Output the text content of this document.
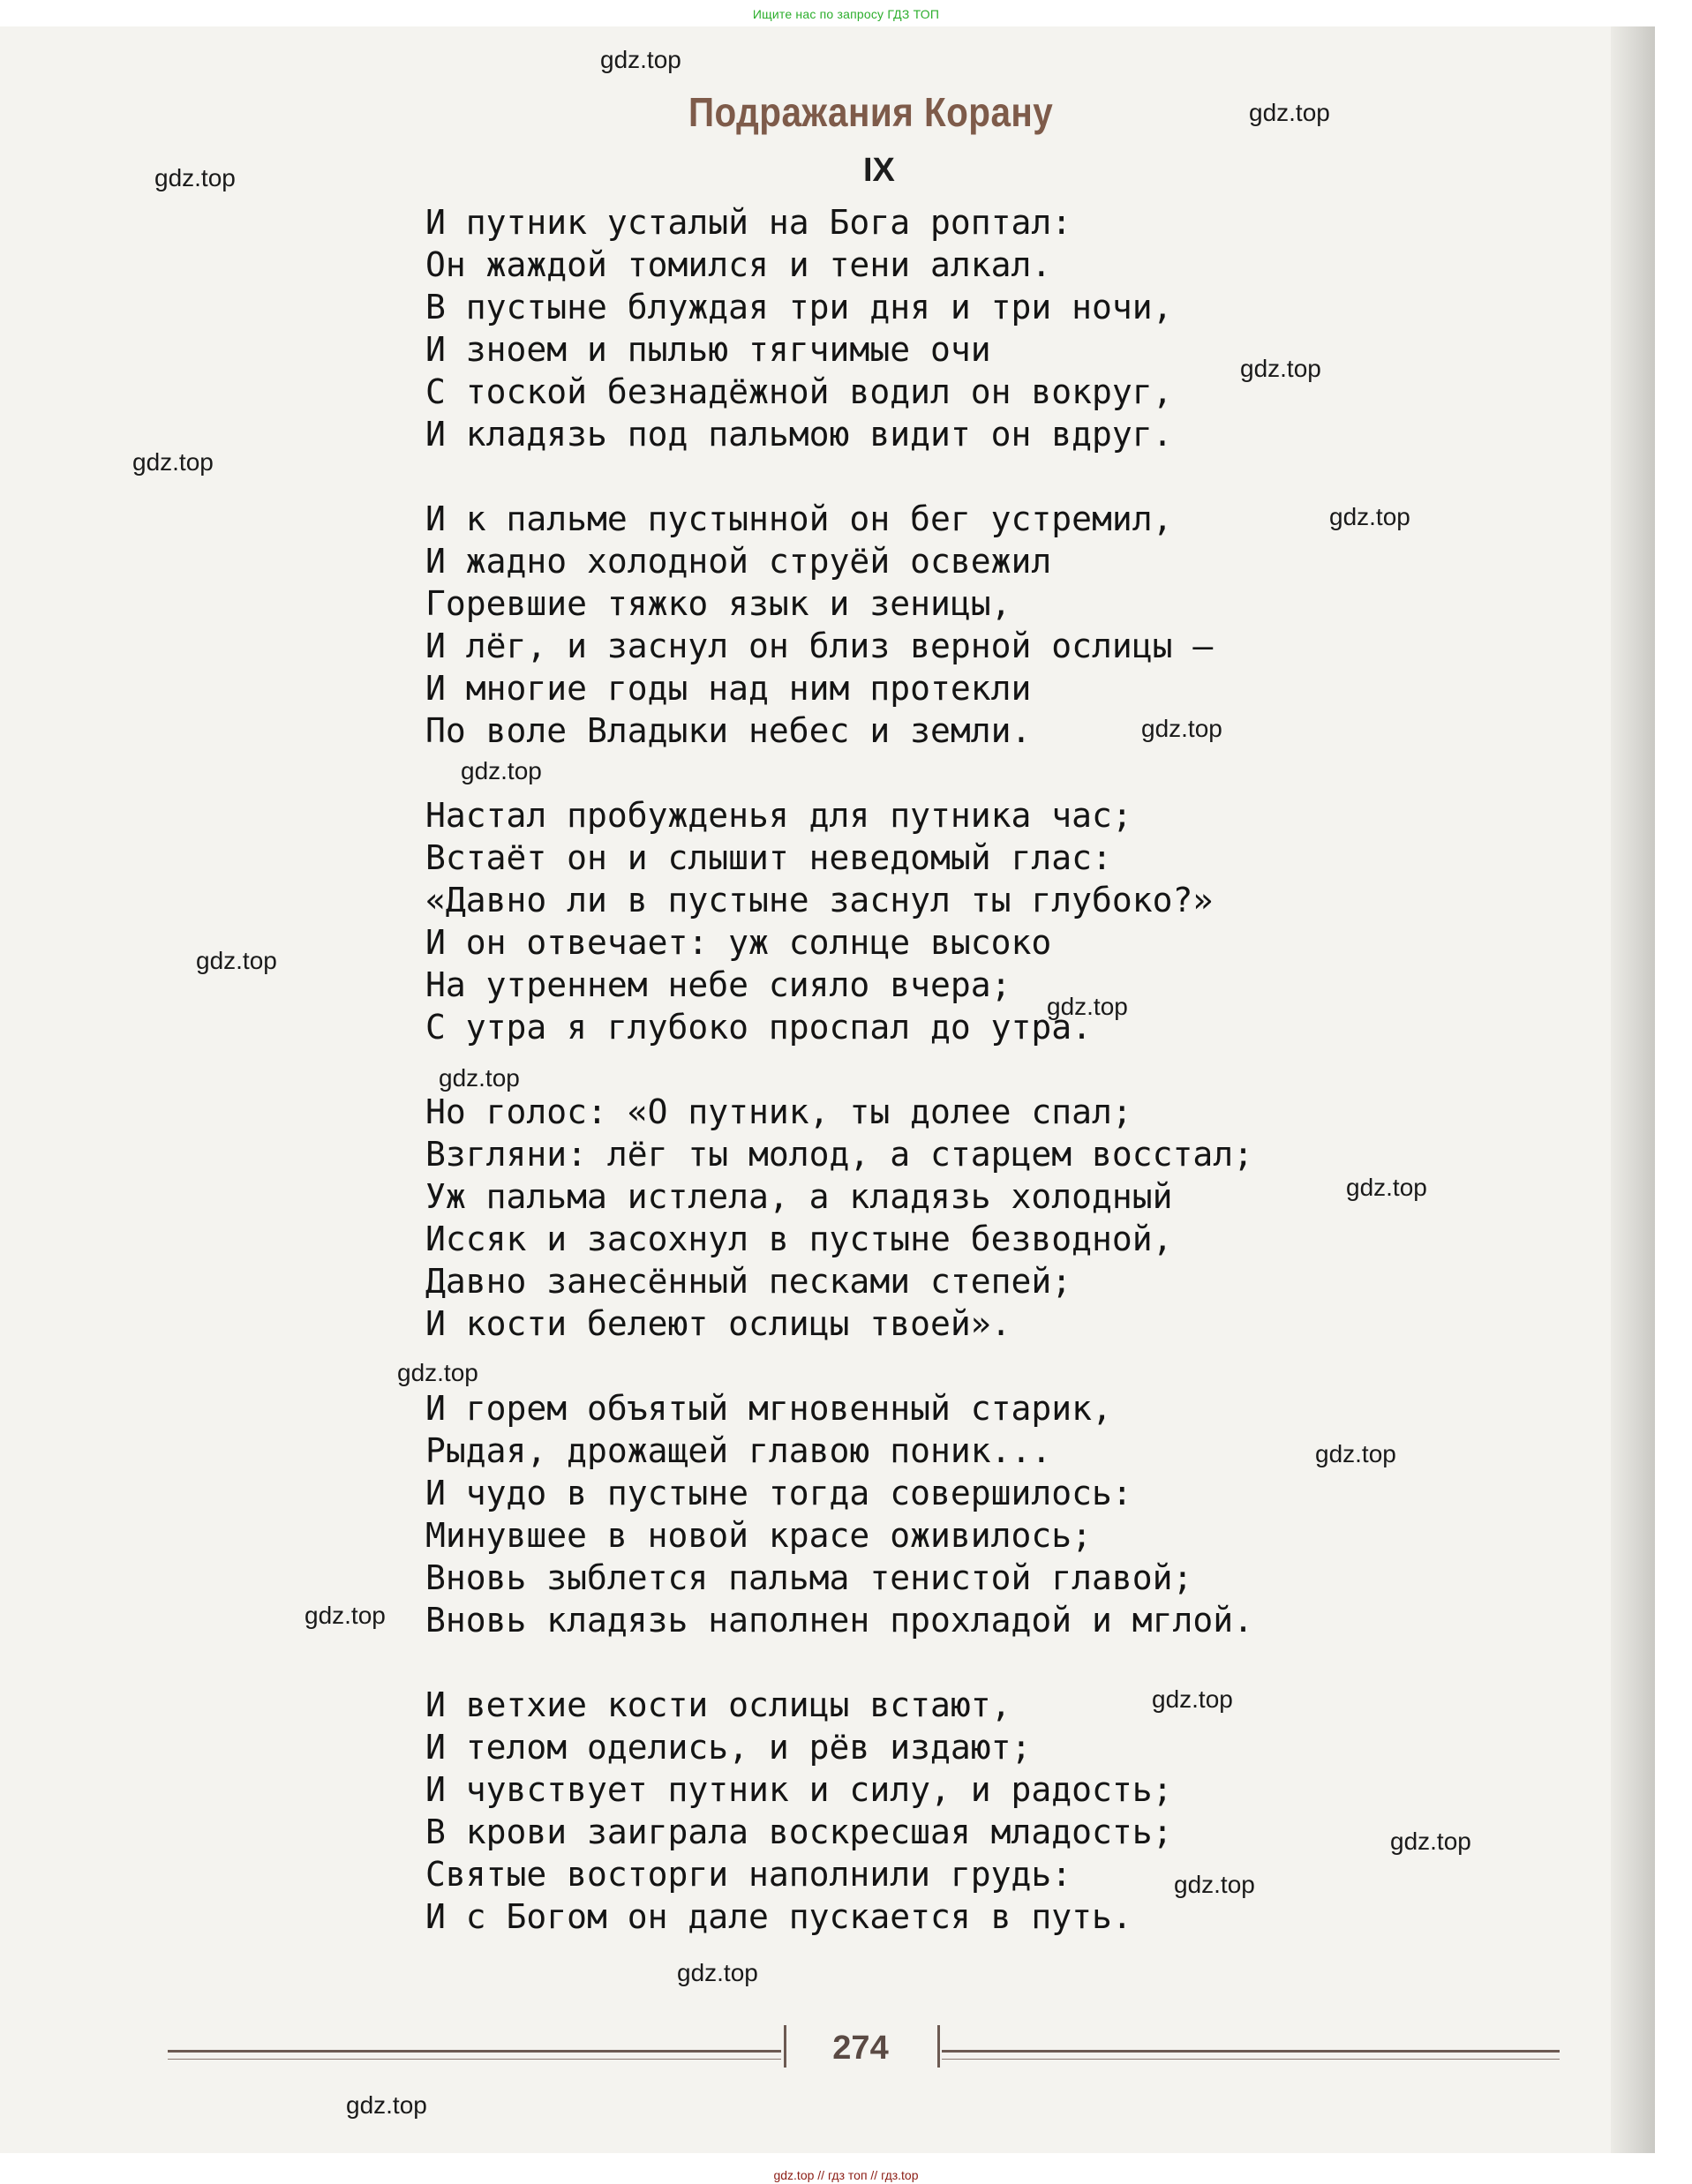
Ищите нас по запросу ГДЗ ТОП
Подражания Корану
IX
И путник усталый на Бога роптал:
Он жаждой томился и тени алкал.
В пустыне блуждая три дня и три ночи,
И зноем и пылью тягчимые очи
С тоской безнадёжной водил он вокруг,
И кладязь под пальмою видит он вдруг.
И к пальме пустынной он бег устремил,
И жадно холодной струёй освежил
Горевшие тяжко язык и зеницы,
И лёг, и заснул он близ верной ослицы —
И многие годы над ним протекли
По воле Владыки небес и земли.
Настал пробужденья для путника час;
Встаёт он и слышит неведомый глас:
«Давно ли в пустыне заснул ты глубоко?»
И он отвечает: уж солнце высоко
На утреннем небе сияло вчера;
С утра я глубоко проспал до утра.
Но голос: «О путник, ты долее спал;
Взгляни: лёг ты молод, а старцем восстал;
Уж пальма истлела, а кладязь холодный
Иссяк и засохнул в пустыне безводной,
Давно занесённый песками степей;
И кости белеют ослицы твоей».
И горем объятый мгновенный старик,
Рыдая, дрожащей главою поник...
И чудо в пустыне тогда совершилось:
Минувшее в новой красе оживилось;
Вновь зыблется пальма тенистой главой;
Вновь кладязь наполнен прохладой и мглой.
И ветхие кости ослицы встают,
И телом оделись, и рёв издают;
И чувствует путник и силу, и радость;
В крови заиграла воскресшая младость;
Святые восторги наполнили грудь:
И с Богом он дале пускается в путь.
274
gdz.top
gdz.top
gdz.top
gdz.top
gdz.top
gdz.top
gdz.top
gdz.top
gdz.top
gdz.top
gdz.top
gdz.top
gdz.top
gdz.top
gdz.top
gdz.top
gdz.top
gdz.top
gdz.top
gdz.top
gdz.top // гдз топ // гдз.top
